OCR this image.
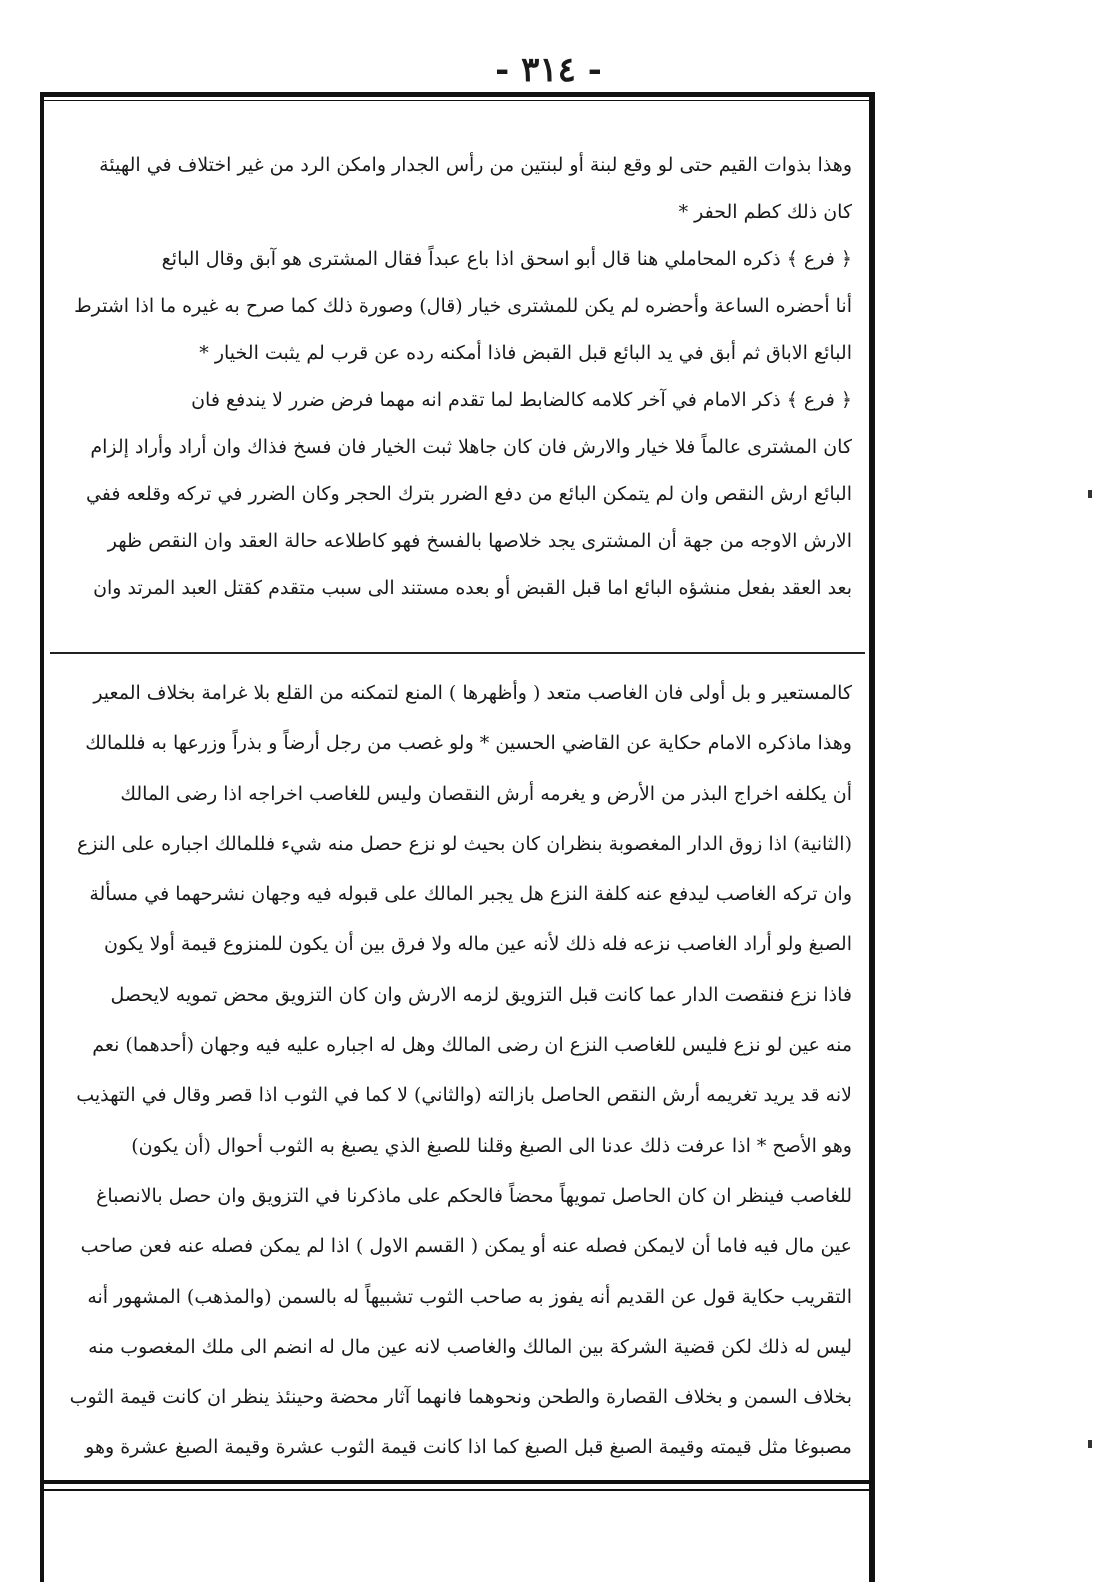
- ٣١٤ -
وهذا بذوات القيم حتى لو وقع لبنة أو لبنتين من رأس الجدار وامكن الرد من غير اختلاف في الهيئة
كان ذلك كطم الحفر *
﴿ فرع ﴾ ذكره المحاملي هنا قال أبو اسحق اذا باع عبداً فقال المشترى هو آبق وقال البائع
أنا أحضره الساعة وأحضره لم يكن للمشترى خيار (قال) وصورة ذلك كما صرح به غيره ما اذا اشترط
البائع الاباق ثم أبق في يد البائع قبل القبض فاذا أمكنه رده عن قرب لم يثبت الخيار *
﴿ فرع ﴾ ذكر الامام في آخر كلامه كالضابط لما تقدم انه مهما فرض ضرر لا يندفع فان
كان المشترى عالماً فلا خيار والارش فان كان جاهلا ثبت الخيار فان فسخ فذاك وان أراد وأراد إلزام
البائع ارش النقص وان لم يتمكن البائع من دفع الضرر بترك الحجر وكان الضرر في تركه وقلعه ففي
الارش الاوجه من جهة أن المشترى يجد خلاصها بالفسخ فهو كاطلاعه حالة العقد وان النقص ظهر
بعد العقد بفعل منشؤه البائع اما قبل القبض أو بعده مستند الى سبب متقدم كقتل العبد المرتد وان
كالمستعير و بل أولى فان الغاصب متعد ( وأظهرها ) المنع لتمكنه من القلع بلا غرامة بخلاف المعير
وهذا ماذكره الامام حكاية عن القاضي الحسين * ولو غصب من رجل أرضاً و بذراً وزرعها به فللمالك
أن يكلفه اخراج البذر من الأرض و يغرمه أرش النقصان وليس للغاصب اخراجه اذا رضى المالك
(الثانية) اذا زوق الدار المغصوبة بنظران كان بحيث لو نزع حصل منه شيء فللمالك اجباره على النزع
وان تركه الغاصب ليدفع عنه كلفة النزع هل يجبر المالك على قبوله فيه وجهان نشرحهما في مسألة
الصبغ ولو أراد الغاصب نزعه فله ذلك لأنه عين ماله ولا فرق بين أن يكون للمنزوع قيمة أولا يكون
فاذا نزع فنقصت الدار عما كانت قبل التزويق لزمه الارش وان كان التزويق محض تمويه لايحصل
منه عين لو نزع فليس للغاصب النزع ان رضى المالك وهل له اجباره عليه فيه وجهان (أحدهما) نعم
لانه قد يريد تغريمه أرش النقص الحاصل بازالته (والثاني) لا كما في الثوب اذا قصر وقال في التهذيب
وهو الأصح * اذا عرفت ذلك عدنا الى الصبغ وقلنا للصبغ الذي يصبغ به الثوب أحوال (أن يكون)
للغاصب فينظر ان كان الحاصل تمويهاً محضاً فالحكم على ماذكرنا في التزويق وان حصل بالانصباغ
عين مال فيه فاما أن لايمكن فصله عنه أو يمكن ( القسم الاول ) اذا لم يمكن فصله عنه فعن صاحب
التقريب حكاية قول عن القديم أنه يفوز به صاحب الثوب تشبيهاً له بالسمن (والمذهب) المشهور أنه
ليس له ذلك لكن قضية الشركة بين المالك والغاصب لانه عين مال له انضم الى ملك المغصوب منه
بخلاف السمن و بخلاف القصارة والطحن ونحوهما فانهما آثار محضة وحينئذ ينظر ان كانت قيمة الثوب
مصبوغا مثل قيمته وقيمة الصبغ قبل الصبغ كما اذا كانت قيمة الثوب عشرة وقيمة الصبغ عشرة وهو
